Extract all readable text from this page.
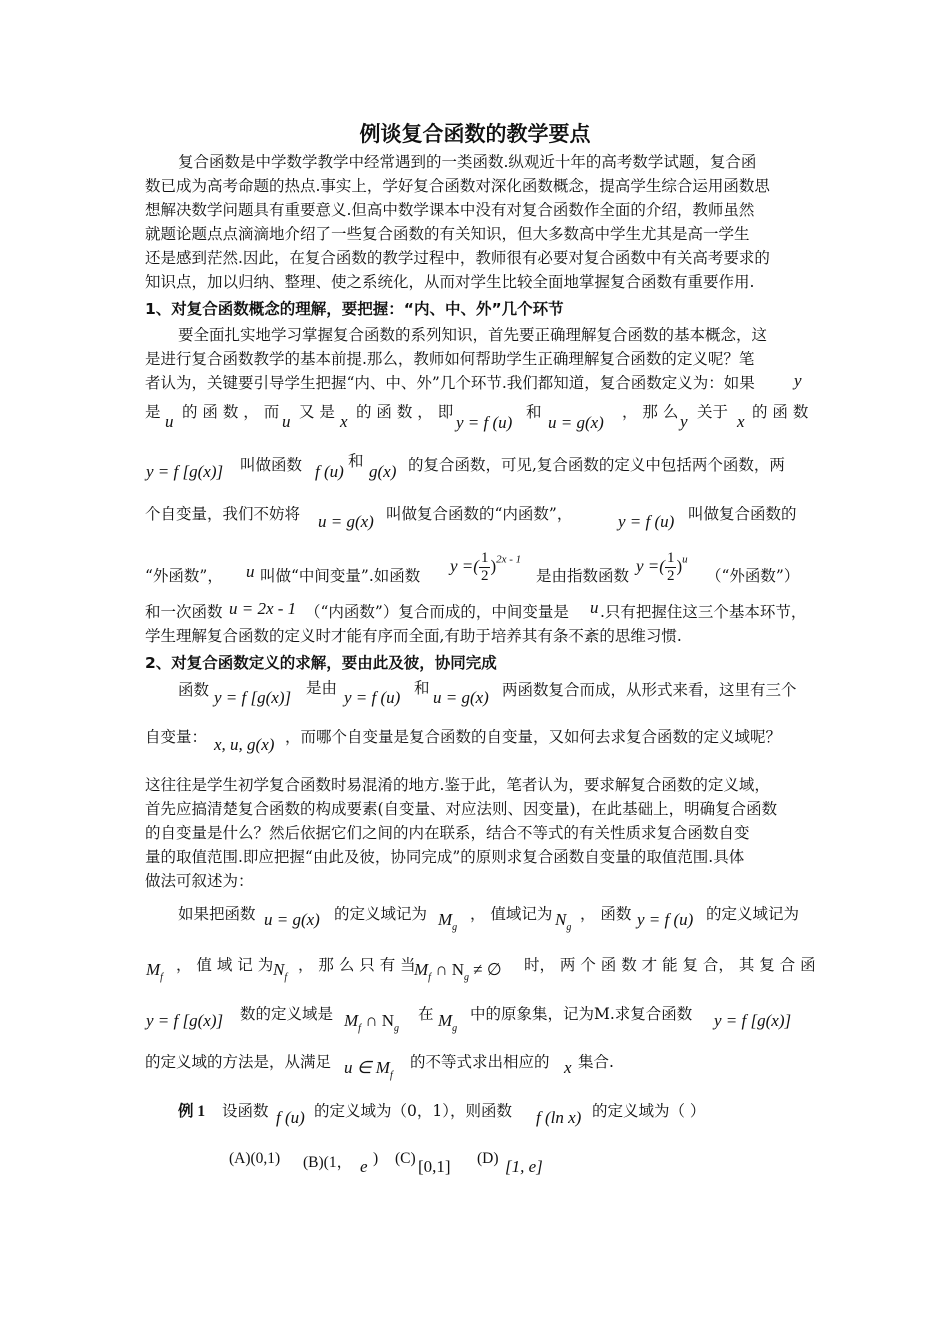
例谈复合函数的教学要点
复合函数是中学数学教学中经常遇到的一类函数.纵观近十年的高考数学试题，复合函
数已成为高考命题的热点.事实上，学好复合函数对深化函数概念，提高学生综合运用函数思
想解决数学问题具有重要意义.但高中数学课本中没有对复合函数作全面的介绍，教师虽然
就题论题点点滴滴地介绍了一些复合函数的有关知识，但大多数高中学生尤其是高一学生
还是感到茫然.因此，在复合函数的教学过程中，教师很有必要对复合函数中有关高考要求的
知识点，加以归纳、整理、使之系统化，从而对学生比较全面地掌握复合函数有重要作用.
1、对复合函数概念的理解，要把握：“内、中、外”几个环节
要全面扎实地学习掌握复合函数的系列知识，首先要正确理解复合函数的基本概念，这
是进行复合函数教学的基本前提.那么，教师如何帮助学生正确理解复合函数的定义呢？笔
者认为，关键要引导学生把握“内、中、外”几个环节.我们都知道，复合函数定义为：如果	y
是 u 的 函 数 ， 而 u 又 是 x 的 函 数 ， 即
y = f (u)
和
u = g(x)
， 那 么 y 关于 x 的 函 数
y = f [g(x)] 叫做函数 f (u)
和
g(x) 的复合函数，可见,复合函数的定义中包括两个函数，两
个自变量，我们不妨将 u = g(x) 叫做复合函数的“内函数”，	y = f (u) 叫做复合函数的
“外函数”， u 叫做“中间变量”.如函数
y =( $\frac{1}{2} )^{2x - 1}$
是由指数函数
y =( $\frac{1}{2} )^u$
（“外函数”）
和一次函数 u = 2x - 1 （“内函数”）复合而成的，中间变量是 u .只有把握住这三个基本环节，
学生理解复合函数的定义时才能有序而全面,有助于培养其有条不紊的思维习惯.
2、对复合函数定义的求解，要由此及彼，协同完成
函数 y = f [g(x)] 是由 y = f (u) 和 u = g(x) 两函数复合而成，从形式来看，这里有三个
自变量： x, u, g(x) ，而哪个自变量是复合函数的自变量，又如何去求复合函数的定义域呢？
这往往是学生初学复合函数时易混淆的地方.鉴于此，笔者认为，要求解复合函数的定义域，
首先应搞清楚复合函数的构成要素(自变量、对应法则、因变量)，在此基础上，明确复合函数
的自变量是什么？然后依据它们之间的内在联系，结合不等式的有关性质求复合函数自变
量的取值范围.即应把握“由此及彼，协同完成”的原则求复合函数自变量的取值范围.具体
做法可叙述为：
如果把函数 u = g(x) 的定义域记为 $M_g$
， 值域记为 $N_g$
， 函数 y = f (u) 的定义域记为
$M_f$
， 值 域 记 为 $N_f$
， 那 么 只 有 当
$M_f$ ∩ $N_g$ ≠ ∅ 时， 两 个 函 数 才 能 复 合， 其 复 合 函
y = f [g(x)] 数的定义域是 $M_f$ ∩ $N_g$
在 $M_g$
中的原象集，记为M.求复合函数 y = f [g(x)]
的定义域的方法是，从满足 u ∈ $M_f$
的不等式求出相应的 x 集合.
例 1 设函数 f (u) 的定义域为（0，1），则函数 f (ln x) 的定义域为（ ）
(A)(0,1) (B)(1， e ) (C) [0,1] (D) [1, e]
